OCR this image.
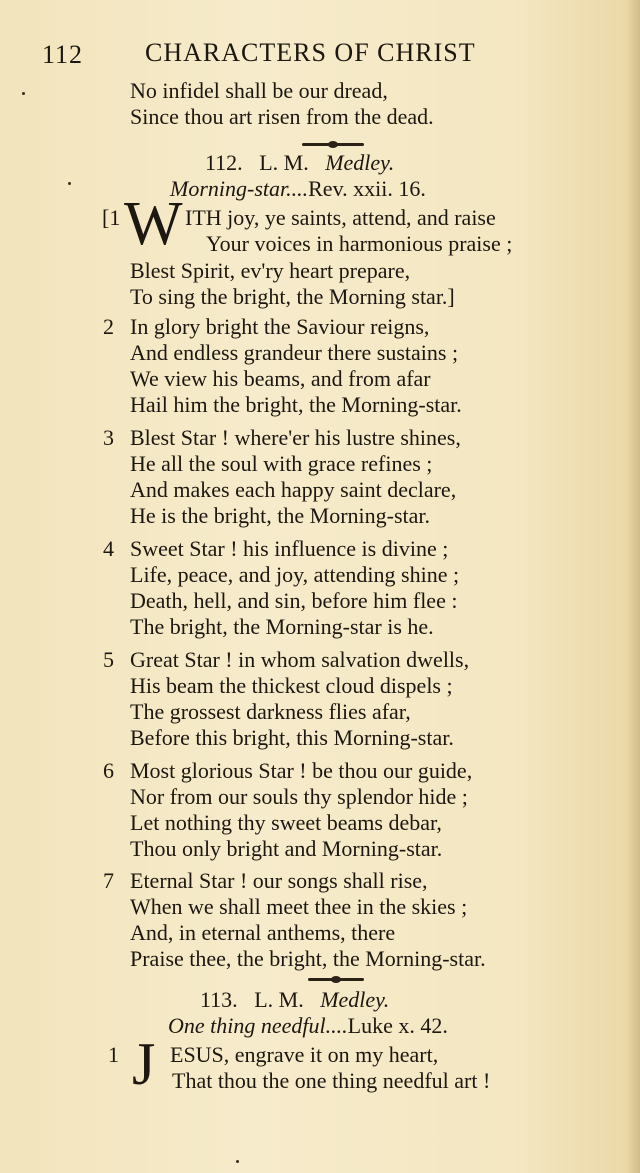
112 CHARACTERS OF CHRIST
No infidel shall be our dread,
Since thou art risen from the dead.
112. L. M. Medley.
Morning-star....Rev. xxii. 16.
[1 W ITH joy, ye saints, attend, and raise
Your voices in harmonious praise ;
Blest Spirit, ev'ry heart prepare,
To sing the bright, the Morning star.]
2 In glory bright the Saviour reigns,
And endless grandeur there sustains ;
We view his beams, and from afar
Hail him the bright, the Morning-star.
3 Blest Star ! where'er his lustre shines,
He all the soul with grace refines ;
And makes each happy saint declare,
He is the bright, the Morning-star.
4 Sweet Star ! his influence is divine ;
Life, peace, and joy, attending shine ;
Death, hell, and sin, before him flee :
The bright, the Morning-star is he.
5 Great Star ! in whom salvation dwells,
His beam the thickest cloud dispels ;
The grossest darkness flies afar,
Before this bright, this Morning-star.
6 Most glorious Star ! be thou our guide,
Nor from our souls thy splendor hide ;
Let nothing thy sweet beams debar,
Thou only bright and Morning-star.
7 Eternal Star ! our songs shall rise,
When we shall meet thee in the skies ;
And, in eternal anthems, there
Praise thee, the bright, the Morning-star.
113. L. M. Medley.
One thing needful....Luke x. 42.
1 J ESUS, engrave it on my heart,
That thou the one thing needful art !
